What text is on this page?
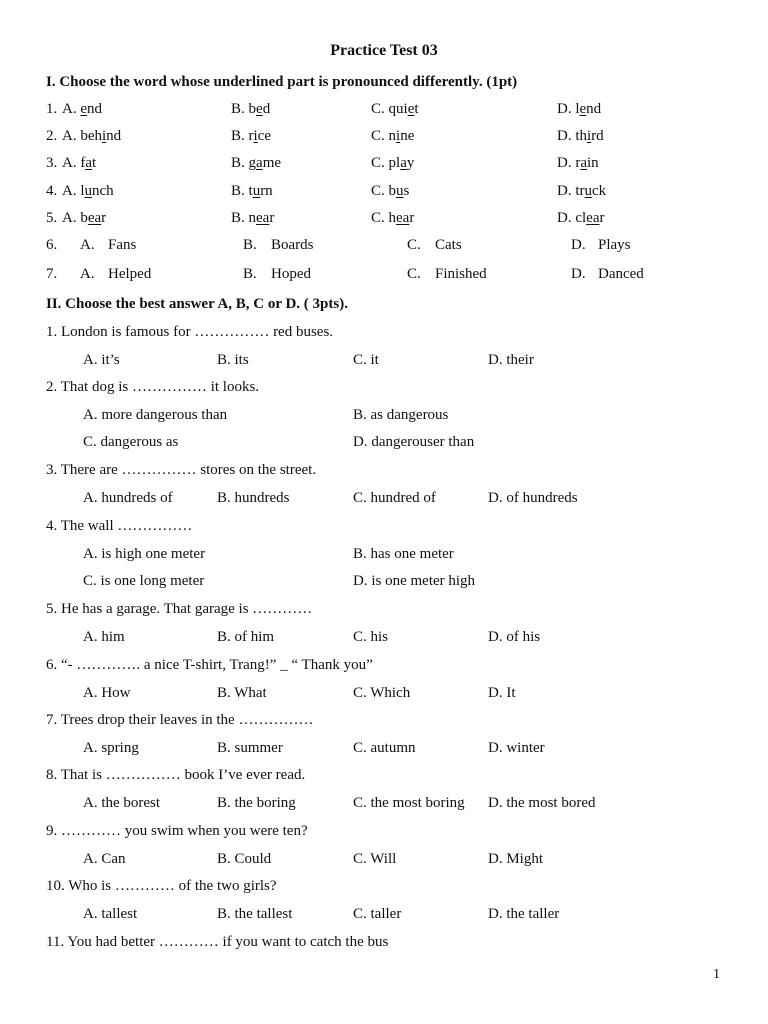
Practice Test 03
I. Choose the word whose underlined part is pronounced differently. (1pt)
1. A. end	B. bed	C. quiet	D. lend
2. A. behind	B. rice	C. nine	D. third
3. A. fat	B. game	C. play	D. rain
4. A. lunch	B. turn	C. bus	D. truck
5. A. bear	B. near	C. hear	D. clear
6. A. Fans	B. Boards	C. Cats	D. Plays
7. A. Helped	B. Hoped	C. Finished	D. Danced
II. Choose the best answer A, B, C or D. ( 3pts).
1. London is famous for …………… red buses.
A. it’s	B. its	C. it	D. their
2. That dog is …………… it looks.
A. more dangerous than	B. as dangerous
C. dangerous as	D. dangerouser than
3. There are …………… stores on the street.
A. hundreds of	B. hundreds	C. hundred of	D. of hundreds
4. The wall ……………
A. is high one meter	B. has one meter
C. is one long meter	D. is one meter high
5. He has a garage. That garage is …………
A. him	B. of him	C. his	D. of his
6. “- …………. a nice T-shirt, Trang!” _ “ Thank you”
A. How	B. What	C. Which	D. It
7. Trees drop their leaves in the ……………
A. spring	B. summer	C. autumn	D. winter
8. That is …………… book I’ve ever read.
A. the borest	B. the boring	C. the most boring D. the most bored
9. ………… you swim when you were ten?
A. Can	B. Could	C. Will	D. Might
10. Who is ………… of the two girls?
A. tallest	B. the tallest	C. taller	D. the taller
11. You had better ………… if you want to catch the bus
1
